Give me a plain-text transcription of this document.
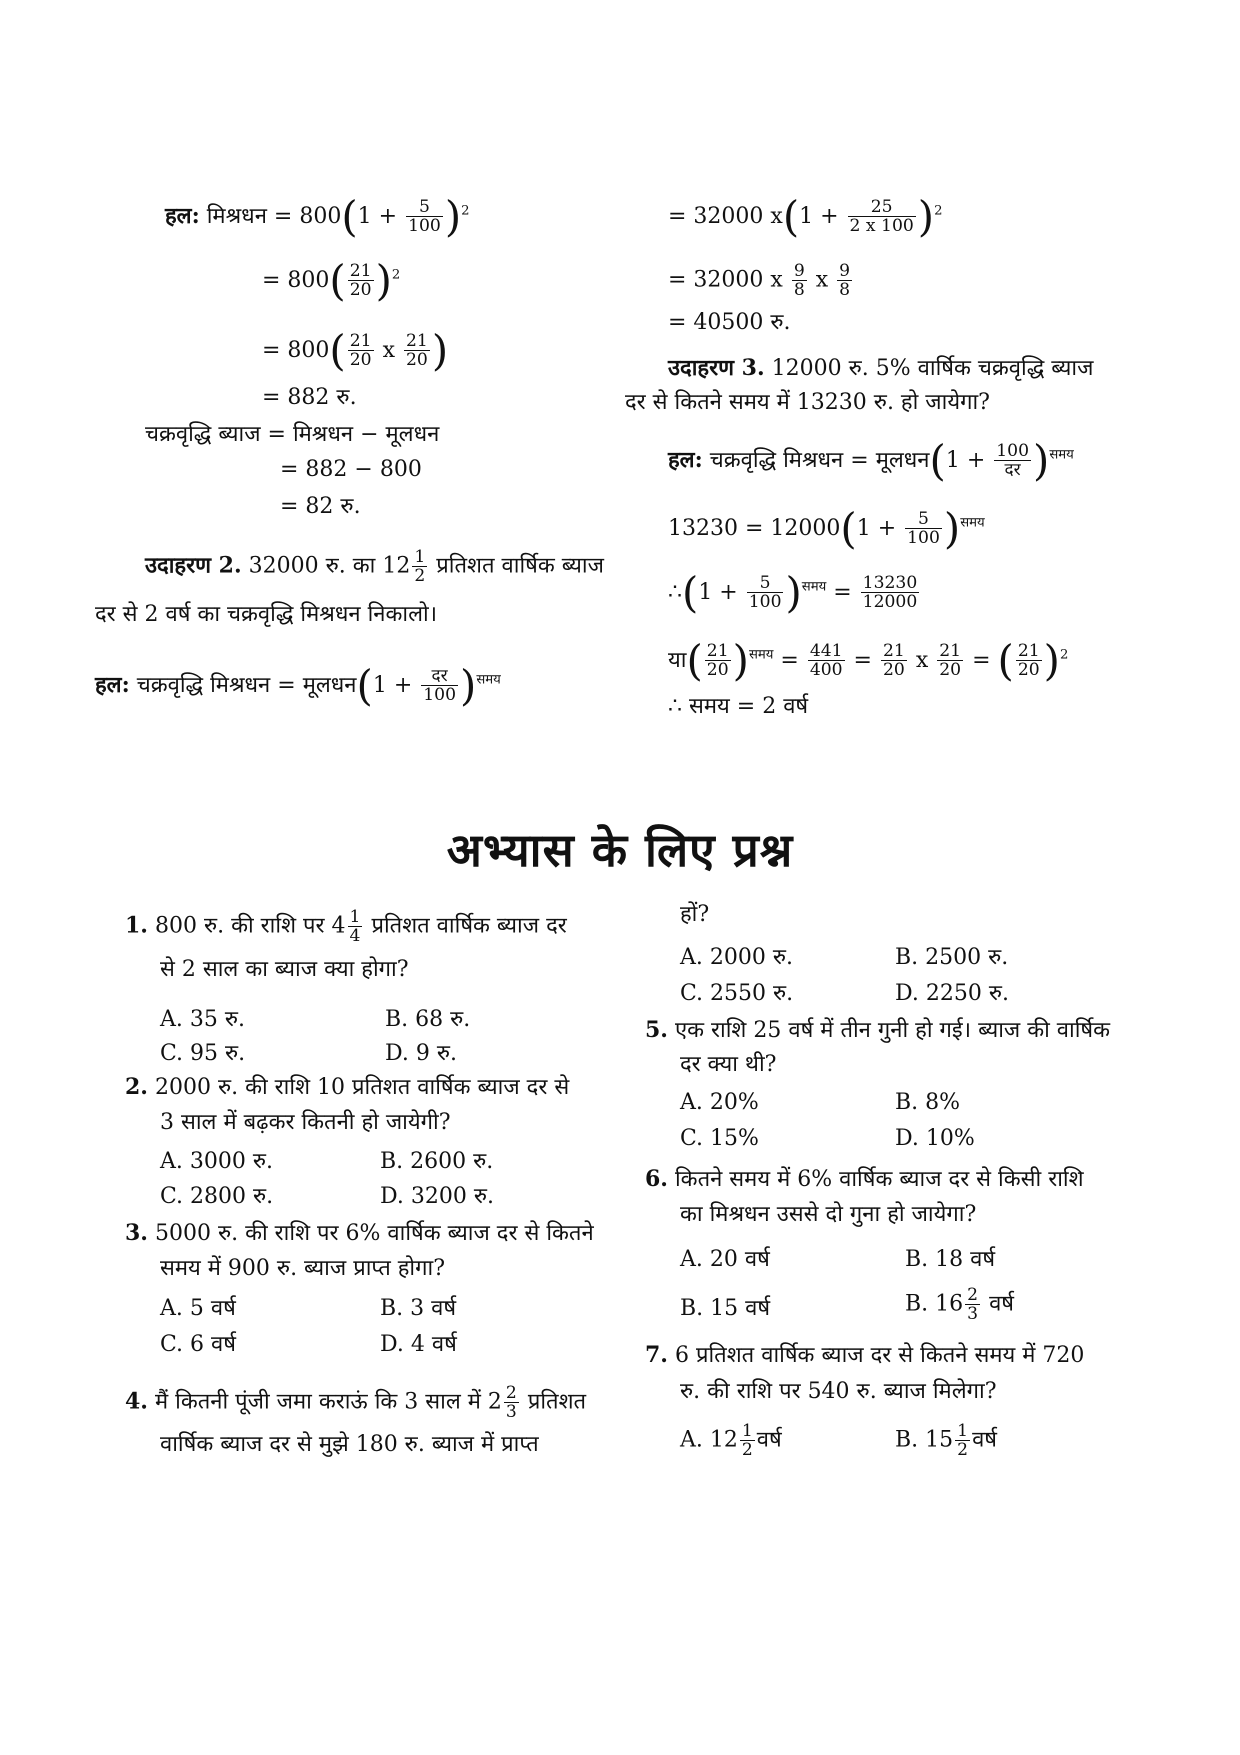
हल: मिश्रधन = $800(1 + \frac{5}{100} )^2$
= $800( \frac{21}{20} )^2$
= $800( \frac{21}{20}$ x $\frac{21}{20}$ )
= 882 रु.
चक्रवृद्धि ब्याज = मिश्रधन − मूलधन
= 882 − 800
= 82 रु.
उदाहरण 2. 32000 रु. का $12 \frac{1}{2}$ प्रतिशत वार्षिक ब्याज
दर से 2 वर्ष का चक्रवृद्धि मिश्रधन निकालो।
हल: चक्रवृद्धि मिश्रधन = मूलधन(1 + $\frac{\text{दर}}{100} )^{समय}$
= 32000 $x(1 + \frac{25}{2 x 100} )^2$
= 32000 x $\frac{9}{8}$ x $\frac{9}{8}$
= 40500 रु.
उदाहरण 3. 12000 रु. 5% वार्षिक चक्रवृद्धि ब्याज
दर से कितने समय में 13230 रु. हो जायेगा?
हल: चक्रवृद्धि मिश्रधन = मूलधन(1 + $\frac{100}{\text{दर}} )^{समय}$
$13230 = 12000(1 + \frac{5}{100} )^{समय}$
∴(1 + $\frac{5}{100} )^{समय} = \frac{13230}{12000}$
या( $\frac{21}{20} )^{समय} = \frac{441}{400} = \frac{21}{20}$ x $\frac{21}{20}$ = ( $\frac{21}{20} )^2$
∴ समय = 2 वर्ष
अभ्यास के लिए प्रश्न
1. 800 रु. की राशि पर $4 \frac{1}{4}$ प्रतिशत वार्षिक ब्याज दर
से 2 साल का ब्याज क्या होगा?
A. 35 रु.	B. 68 रु.
C. 95 रु.	D. 9 रु.
2. 2000 रु. की राशि 10 प्रतिशत वार्षिक ब्याज दर से
3 साल में बढ़कर कितनी हो जायेगी?
A. 3000 रु.	B. 2600 रु.
C. 2800 रु.	D. 3200 रु.
3. 5000 रु. की राशि पर 6% वार्षिक ब्याज दर से कितने
समय में 900 रु. ब्याज प्राप्त होगा?
A. 5 वर्ष	B. 3 वर्ष
C. 6 वर्ष	D. 4 वर्ष
4. मैं कितनी पूंजी जमा कराऊं कि 3 साल में $2 \frac{2}{3}$ प्रतिशत
वार्षिक ब्याज दर से मुझे 180 रु. ब्याज में प्राप्त
हों?
A. 2000 रु.	B. 2500 रु.
C. 2550 रु.	D. 2250 रु.
5. एक राशि 25 वर्ष में तीन गुनी हो गई। ब्याज की वार्षिक
दर क्या थी?
A. 20%	B. 8%
C. 15%	D. 10%
6. कितने समय में 6% वार्षिक ब्याज दर से किसी राशि
का मिश्रधन उससे दो गुना हो जायेगा?
A. 20 वर्ष	B. 18 वर्ष
B. 15 वर्ष	B. $16 \frac{2}{3}$ वर्ष
7. 6 प्रतिशत वार्षिक ब्याज दर से कितने समय में 720
रु. की राशि पर 540 रु. ब्याज मिलेगा?
A. $12 \frac{1}{2}$ वर्ष	B. $15 \frac{1}{2}$ वर्ष
